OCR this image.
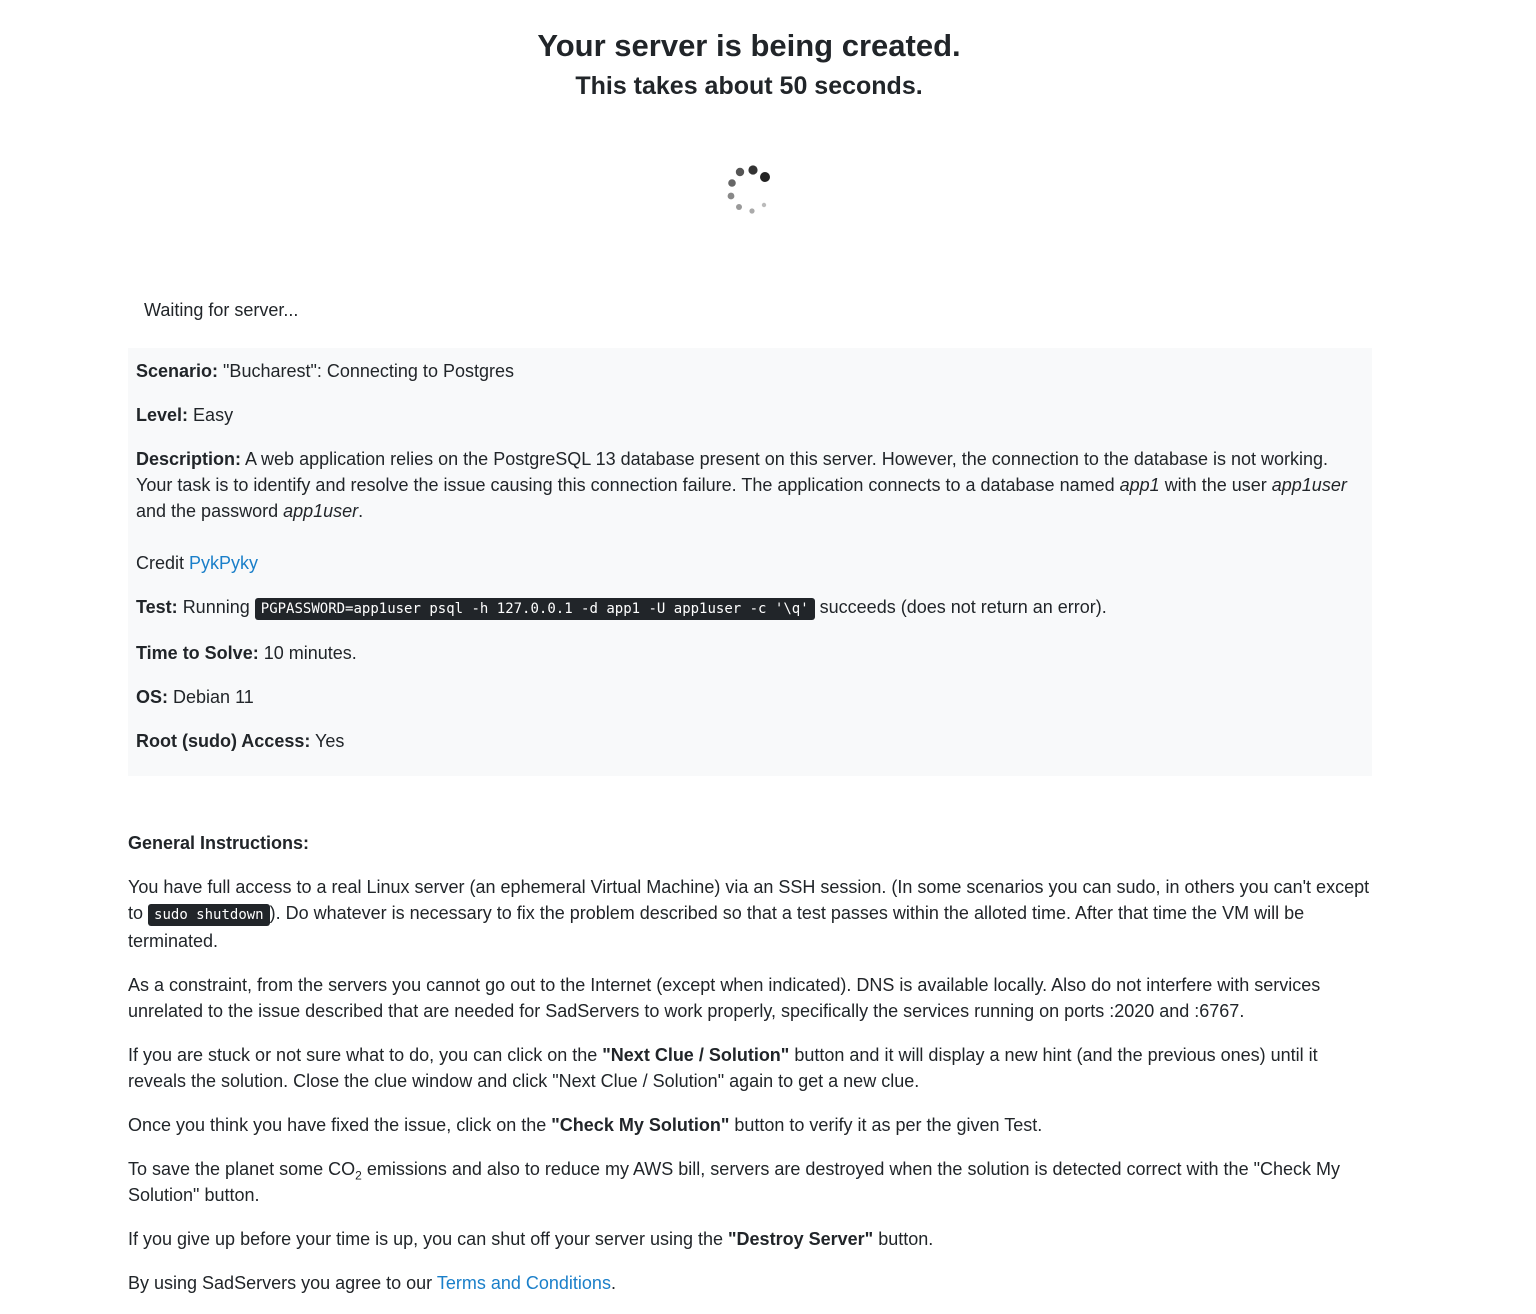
Your server is being created.
This takes about 50 seconds.
Waiting for server...

Scenario: "Bucharest": Connecting to Postgres

Level: Easy

Description: A web application relies on the PostgreSQL 13 database present on this server. However, the connection to the database is not working. Your task is to identify and resolve the issue causing this connection failure. The application connects to a database named app1 with the user app1user and the password app1user.

Credit PykPyky

Test: Running PGPASSWORD=app1user psql -h 127.0.0.1 -d app1 -U app1user -c '\q' succeeds (does not return an error).

Time to Solve: 10 minutes.

OS: Debian 11

Root (sudo) Access: Yes

General Instructions:

You have full access to a real Linux server (an ephemeral Virtual Machine) via an SSH session. (In some scenarios you can sudo, in others you can't except to sudo shutdown ). Do whatever is necessary to fix the problem described so that a test passes within the alloted time. After that time the VM will be terminated.

As a constraint, from the servers you cannot go out to the Internet (except when indicated). DNS is available locally. Also do not interfere with services unrelated to the issue described that are needed for SadServers to work properly, specifically the services running on ports :2020 and :6767.

If you are stuck or not sure what to do, you can click on the "Next Clue / Solution" button and it will display a new hint (and the previous ones) until it reveals the solution. Close the clue window and click "Next Clue / Solution" again to get a new clue.

Once you think you have fixed the issue, click on the "Check My Solution" button to verify it as per the given Test.

To save the planet some $CO_2$ emissions and also to reduce my AWS bill, servers are destroyed when the solution is detected correct with the "Check My Solution" button.

If you give up before your time is up, you can shut off your server using the "Destroy Server" button.

By using SadServers you agree to our Terms and Conditions.
